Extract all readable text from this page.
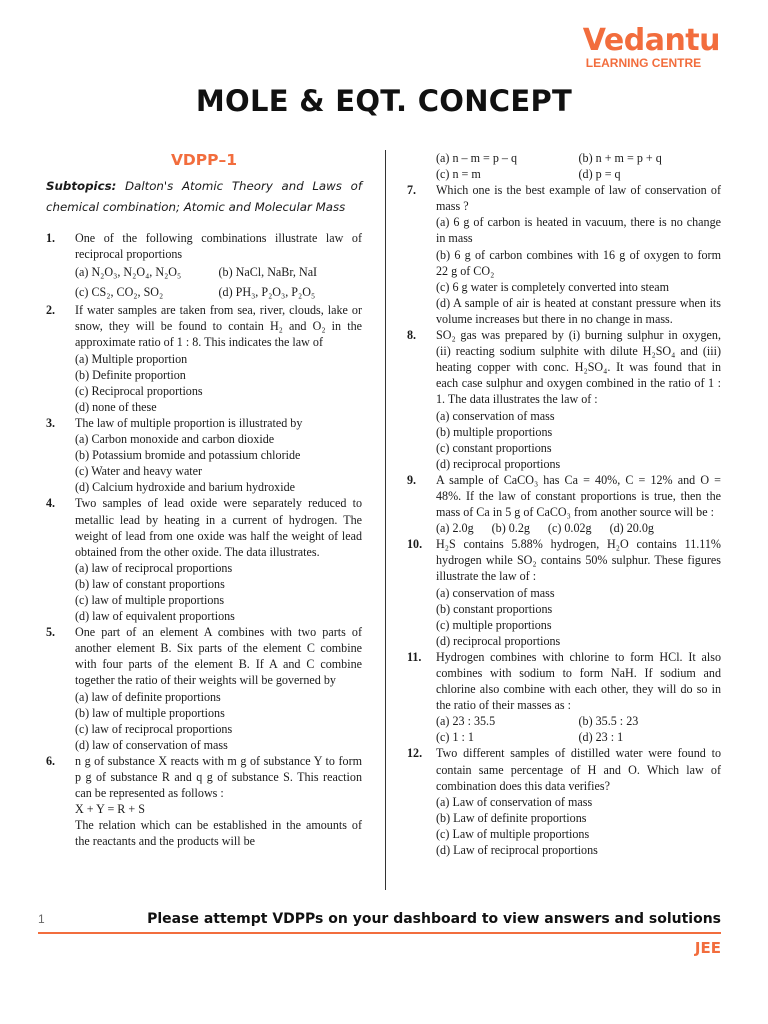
Vedantu
LEARNING CENTRE
MOLE & EQT. CONCEPT
VDPP–1
Subtopics: Dalton's Atomic Theory and Laws of chemical combination; Atomic and Molecular Mass
1.	One of the following combinations illustrate law of reciprocal proportions
(a) N₂O₃, N₂O₄, N₂O₅	(b) NaCl, NaBr, NaI
(c) CS₂, CO₂, SO₂	(d) PH₃, P₂O₃, P₂O₅
2.	If water samples are taken from sea, river, clouds, lake or snow, they will be found to contain H₂ and O₂ in the approximate ratio of 1 : 8. This indicates the law of
(a) Multiple proportion
(b) Definite proportion
(c) Reciprocal proportions
(d) none of these
3.	The law of multiple proportion is illustrated by
(a) Carbon monoxide and carbon dioxide
(b) Potassium bromide and potassium chloride
(c) Water and heavy water
(d) Calcium hydroxide and barium hydroxide
4.	Two samples of lead oxide were separately reduced to metallic lead by heating in a current of hydrogen. The weight of lead from one oxide was half the weight of lead obtained from the other oxide. The data illustrates.
(a) law of reciprocal proportions
(b) law of constant proportions
(c) law of multiple proportions
(d) law of equivalent proportions
5.	One part of an element A combines with two parts of another element B. Six parts of the element C combine with four parts of the element B. If A and C combine together the ratio of their weights will be governed by
(a) law of definite proportions
(b) law of multiple proportions
(c) law of reciprocal proportions
(d) law of conservation of mass
6.	n g of substance X reacts with m g of substance Y to form p g of substance R and q g of substance S. This reaction can be represented as follows :
X + Y = R + S
The relation which can be established in the amounts of the reactants and the products will be
(a) n – m = p – q	(b) n + m = p + q
(c) n = m	(d) p = q
7.	Which one is the best example of law of conservation of mass ?
(a) 6 g of carbon is heated in vacuum, there is no change in mass
(b) 6 g of carbon combines with 16 g of oxygen to form 22 g of CO₂
(c) 6 g water is completely converted into steam
(d) A sample of air is heated at constant pressure when its volume increases but there in no change in mass.
8.	SO₂ gas was prepared by (i) burning sulphur in oxygen, (ii) reacting sodium sulphite with dilute H₂SO₄ and (iii) heating copper with conc. H₂SO₄. It was found that in each case sulphur and oxygen combined in the ratio of 1 : 1. The data illustrates the law of :
(a) conservation of mass
(b) multiple proportions
(c) constant proportions
(d) reciprocal proportions
9.	A sample of CaCO₃ has Ca = 40%, C = 12% and O = 48%. If the law of constant proportions is true, then the mass of Ca in 5 g of CaCO₃ from another source will be :
(a) 2.0g (b) 0.2g (c) 0.02g (d) 20.0g
10.	H₂S contains 5.88% hydrogen, H₂O contains 11.11% hydrogen while SO₂ contains 50% sulphur. These figures illustrate the law of :
(a) conservation of mass
(b) constant proportions
(c) multiple proportions
(d) reciprocal proportions
11.	Hydrogen combines with chlorine to form HCl. It also combines with sodium to form NaH. If sodium and chlorine also combine with each other, they will do so in the ratio of their masses as :
(a) 23 : 35.5	(b) 35.5 : 23
(c) 1 : 1	(d) 23 : 1
12.	Two different samples of distilled water were found to contain same percentage of H and O. Which law of combination does this data verifies?
(a) Law of conservation of mass
(b) Law of definite proportions
(c) Law of multiple proportions
(d) Law of reciprocal proportions
1	Please attempt VDPPs on your dashboard to view answers and solutions
JEE
